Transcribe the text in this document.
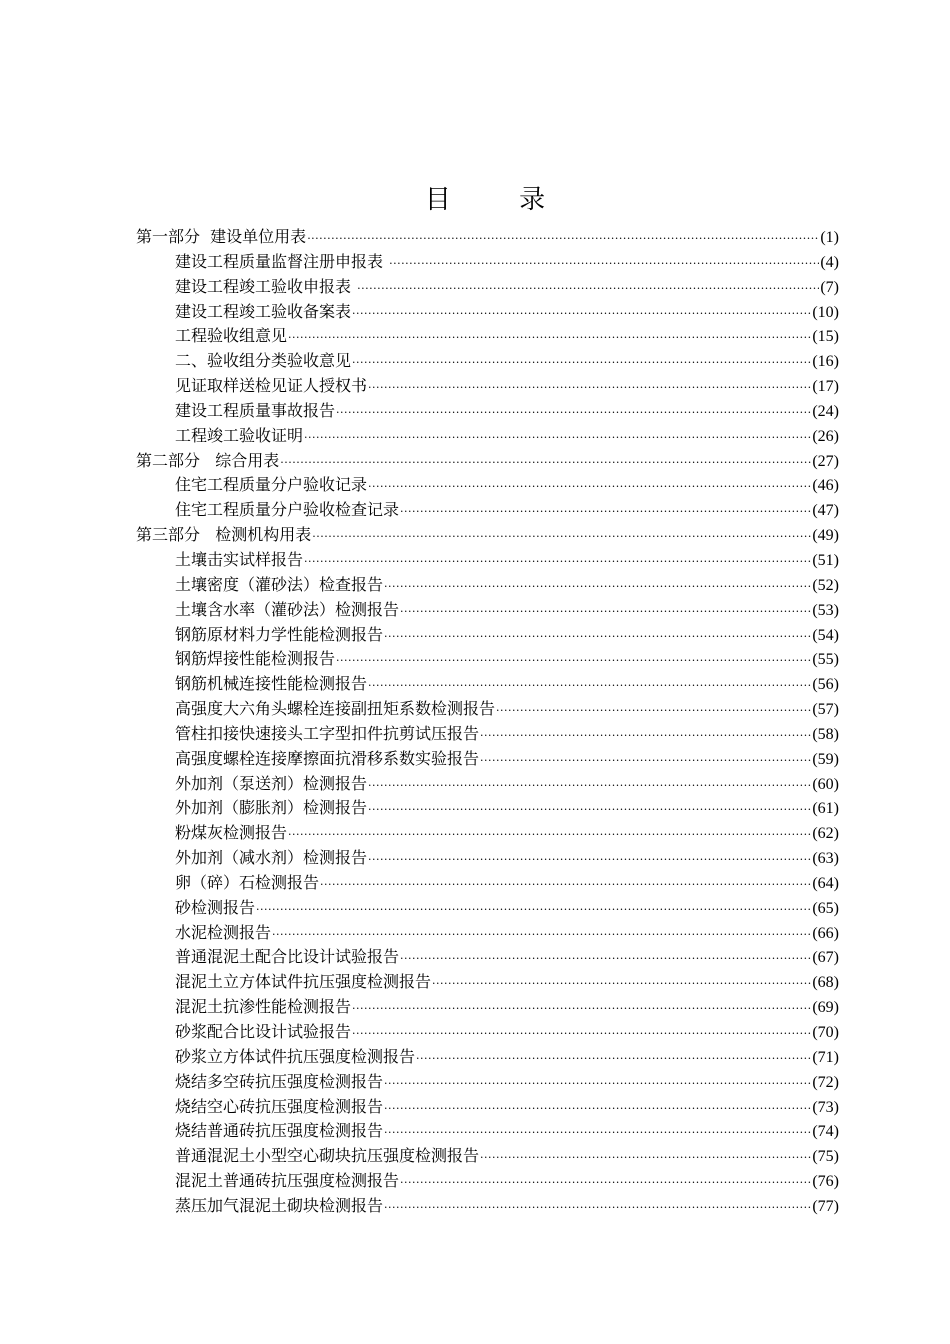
目 录
第一部分  建设单位用表 ·····	(1)
建设工程质量监督注册申报表 ·····	(4)
建设工程竣工验收申报表 ·····	(7)
建设工程竣工验收备案表 ·····	(10)
工程验收组意见 ·····	(15)
二、验收组分类验收意见 ·····	(16)
见证取样送检见证人授权书 ·····	(17)
建设工程质量事故报告 ·····	(24)
工程竣工验收证明 ·····	(26)
第二部分   综合用表 ·····	(27)
住宅工程质量分户验收记录 ·····	(46)
住宅工程质量分户验收检查记录 ·····	(47)
第三部分   检测机构用表 ·····	(49)
土壤击实试样报告 ·····	(51)
土壤密度（灌砂法）检查报告 ·····	(52)
土壤含水率（灌砂法）检测报告 ·····	(53)
钢筋原材料力学性能检测报告 ·····	(54)
钢筋焊接性能检测报告 ·····	(55)
钢筋机械连接性能检测报告 ·····	(56)
高强度大六角头螺栓连接副扭矩系数检测报告 ·····	(57)
管柱扣接快速接头工字型扣件抗剪试压报告 ·····	(58)
高强度螺栓连接摩擦面抗滑移系数实验报告 ·····	(59)
外加剂（泵送剂）检测报告 ·····	(60)
外加剂（膨胀剂）检测报告 ·····	(61)
粉煤灰检测报告 ·····	(62)
外加剂（减水剂）检测报告 ·····	(63)
卵（碎）石检测报告 ·····	(64)
砂检测报告 ·····	(65)
水泥检测报告 ·····	(66)
普通混泥土配合比设计试验报告 ·····	(67)
混泥土立方体试件抗压强度检测报告 ·····	(68)
混泥土抗渗性能检测报告 ·····	(69)
砂浆配合比设计试验报告 ·····	(70)
砂浆立方体试件抗压强度检测报告 ·····	(71)
烧结多空砖抗压强度检测报告 ·····	(72)
烧结空心砖抗压强度检测报告 ·····	(73)
烧结普通砖抗压强度检测报告 ·····	(74)
普通混泥土小型空心砌块抗压强度检测报告 ·····	(75)
混泥土普通砖抗压强度检测报告 ·····	(76)
蒸压加气混泥土砌块检测报告 ·····	(77)
